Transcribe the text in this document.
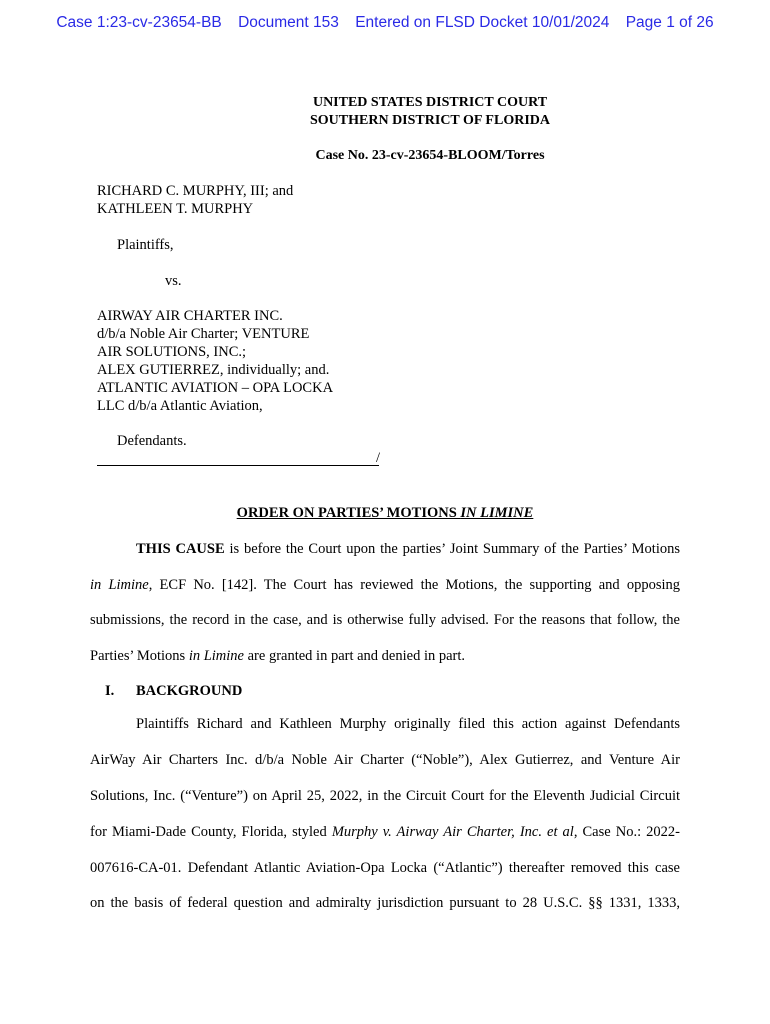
Case 1:23-cv-23654-BB Document 153 Entered on FLSD Docket 10/01/2024 Page 1 of 26
UNITED STATES DISTRICT COURT
SOUTHERN DISTRICT OF FLORIDA
Case No. 23-cv-23654-BLOOM/Torres
RICHARD C. MURPHY, III; and
KATHLEEN T. MURPHY
Plaintiffs,
vs.
AIRWAY AIR CHARTER INC.
d/b/a Noble Air Charter; VENTURE
AIR SOLUTIONS, INC.;
ALEX GUTIERREZ, individually; and.
ATLANTIC AVIATION – OPA LOCKA
LLC d/b/a Atlantic Aviation,
Defendants.
/
ORDER ON PARTIES’ MOTIONS IN LIMINE
THIS CAUSE is before the Court upon the parties’ Joint Summary of the Parties’ Motions
in Limine, ECF No. [142]. The Court has reviewed the Motions, the supporting and opposing
submissions, the record in the case, and is otherwise fully advised. For the reasons that follow, the
Parties’ Motions in Limine are granted in part and denied in part.
I. BACKGROUND
Plaintiffs Richard and Kathleen Murphy originally filed this action against Defendants
AirWay Air Charters Inc. d/b/a Noble Air Charter (“Noble”), Alex Gutierrez, and Venture Air
Solutions, Inc. (“Venture”) on April 25, 2022, in the Circuit Court for the Eleventh Judicial Circuit
for Miami-Dade County, Florida, styled Murphy v. Airway Air Charter, Inc. et al, Case No.: 2022-
007616-CA-01. Defendant Atlantic Aviation-Opa Locka (“Atlantic”) thereafter removed this case
on the basis of federal question and admiralty jurisdiction pursuant to 28 U.S.C. §§ 1331, 1333,
